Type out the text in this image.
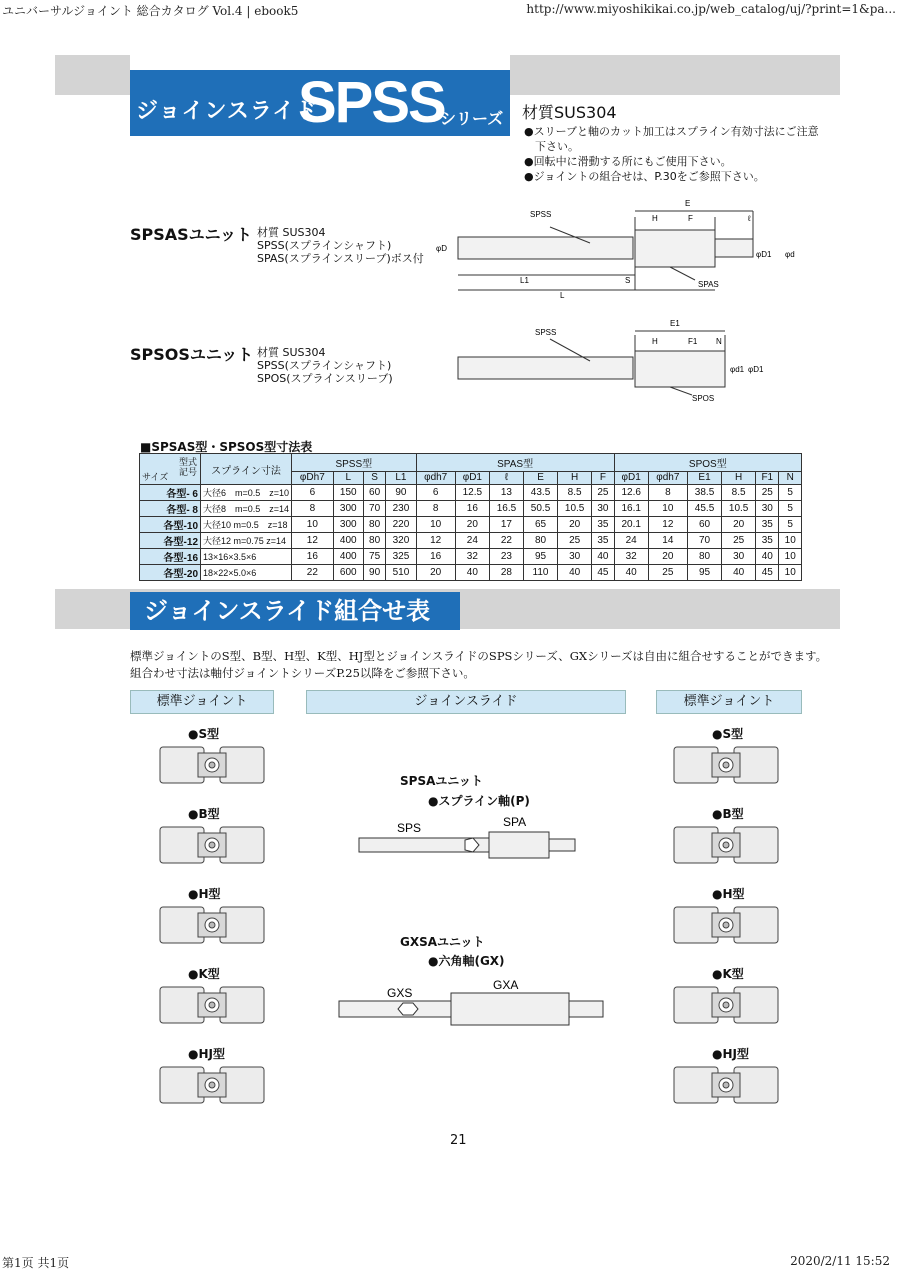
ユニバーサルジョイント 総合カタログ Vol.4 | ebook5	http://www.miyoshikikai.co.jp/web_catalog/uj/?print=1&pa...
ジョインスライド
SPSS
シリーズ 材質SUS304
●スリーブと軸のカット加工はスプライン有効寸法にご注意
　下さい。
●回転中に滑動する所にもご使用下さい。
●ジョイントの組合せは、P.30をご参照下さい。
SPSASユニット 材質 SUS304
SPSS(スプラインシャフト)
SPAS(スプラインスリーブ)ボス付
SPSS
E
H	F	ℓ
φD
φD1 φd
L1	S
L
SPAS
SPSOSユニット 材質 SUS304
SPSS(スプラインシャフト)
SPOS(スプラインスリーブ)
SPSS
E1
H	F1 N
φd1 φD1
SPOS
■SPSAS型・SPSOS型寸法表
型式
記号
サイズ	スプライン寸法	SPSS型				SPAS型						SPOS型					
		φDh7	L	S	L1	φdh7	φD1	ℓ	E	H	F	φD1	φdh7	E1	H	F1	N
各型- 6	大径6　m=0.5　z=10	6	150	60	90	6	12.5	13	43.5	8.5	25	12.6	8	38.5	8.5	25	5
各型- 8	大径8　m=0.5　z=14	8	300	70	230	8	16	16.5	50.5	10.5	30	16.1	10	45.5	10.5	30	5
各型-10	大径10 m=0.5　z=18	10	300	80	220	10	20	17	65	20	35	20.1	12	60	20	35	5
各型-12	大径12 m=0.75 z=14	12	400	80	320	12	24	22	80	25	35	24	14	70	25	35	10
各型-16	13×16×3.5×6	16	400	75	325	16	32	23	95	30	40	32	20	80	30	40	10
各型-20	18×22×5.0×6	22	600	90	510	20	40	28	110	40	45	40	25	95	40	45	10
ジョインスライド組合せ表
標準ジョイントのS型、B型、H型、K型、HJ型とジョインスライドのSPSシリーズ、GXシリーズは自由に組合せすることができます。
組合わせ寸法は軸付ジョイントシリーズP.25以降をご参照下さい。
標準ジョイント	ジョインスライド	標準ジョイント
●S型
●B型
●H型
●K型
●HJ型
●S型
●B型
●H型
●K型
●HJ型
SPSAユニット
●スプライン軸(P)
SPS	SPA
GXSAユニット
●六角軸(GX)
GXS
GXA
21
第1页 共1页	2020/2/11 15:52
